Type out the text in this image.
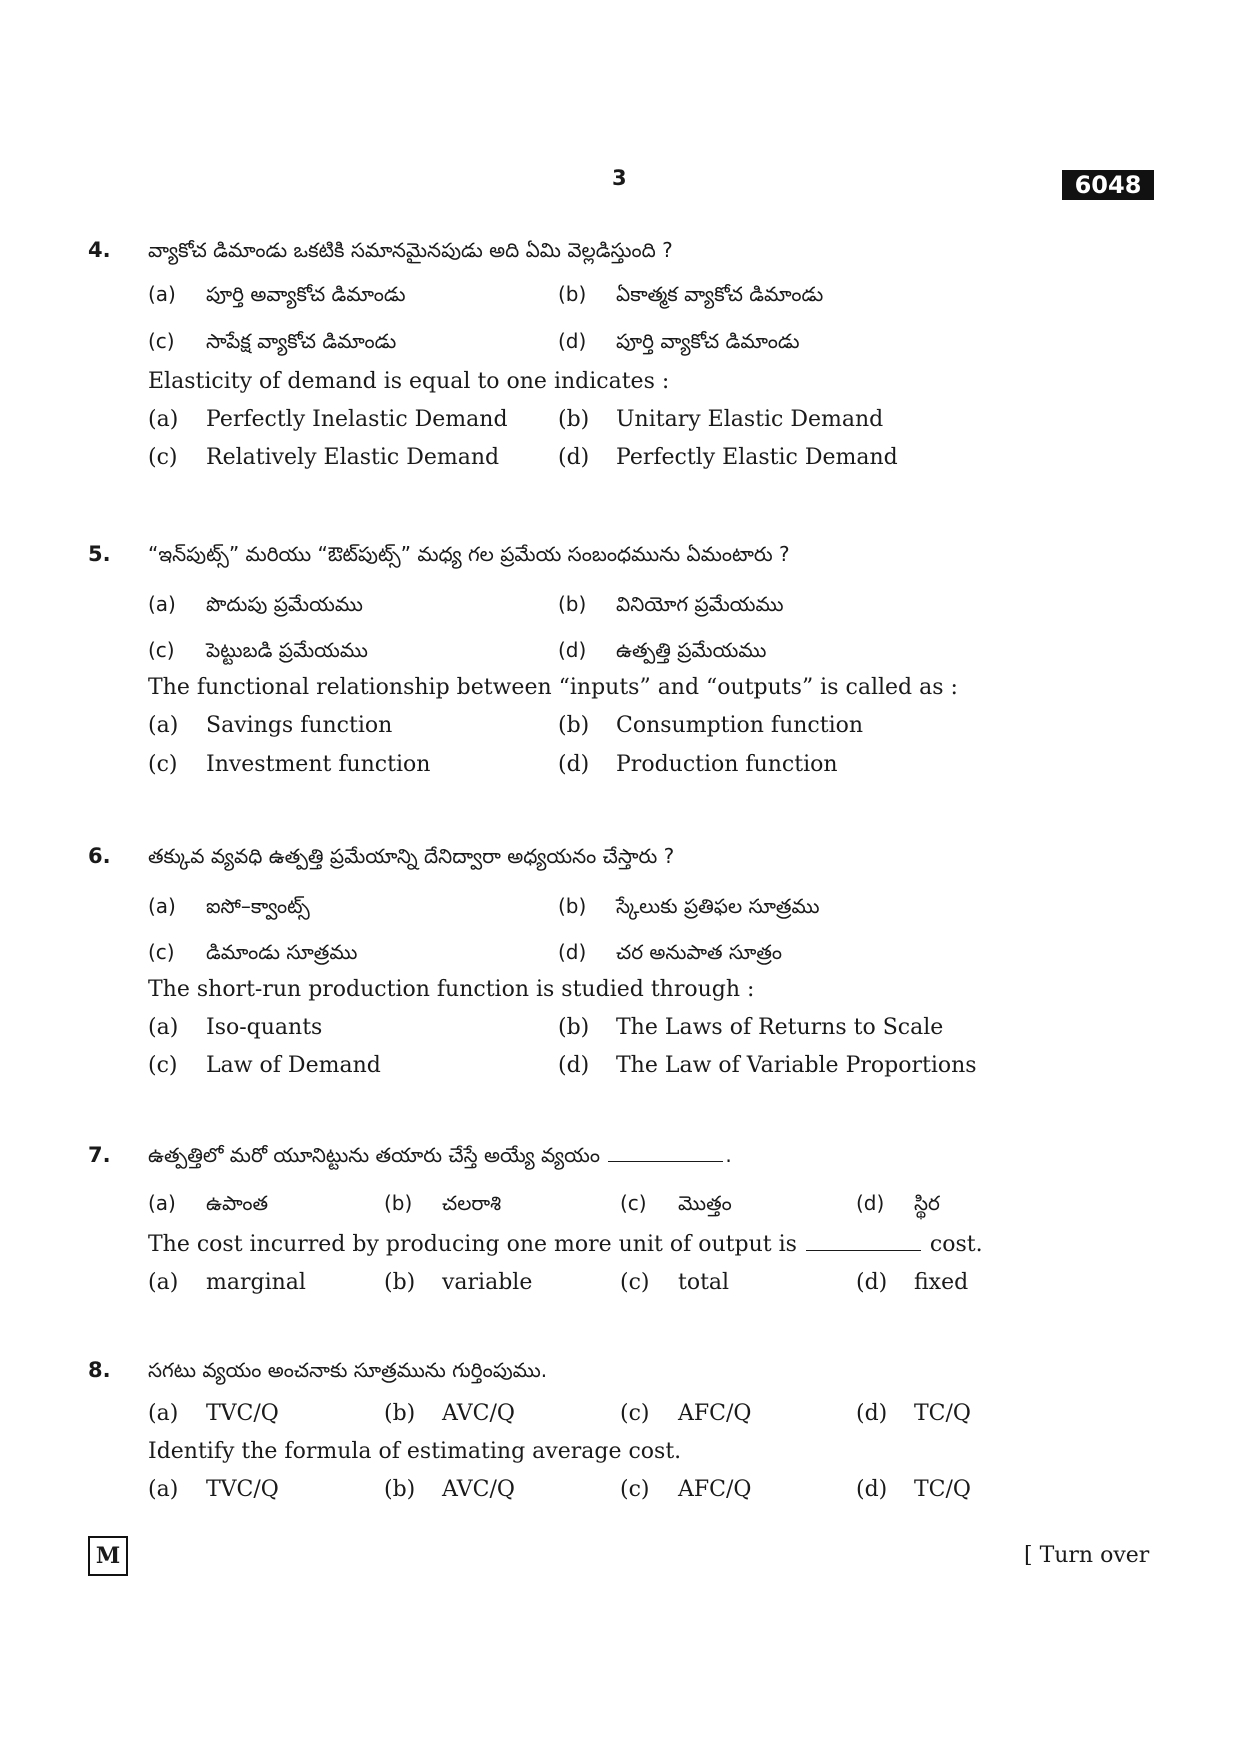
3	6048
4. వ్యాకోచ డిమాండు ఒకటికి సమానమైనపుడు అది ఏమి వెల్లడిస్తుంది ?
(a) పూర్తి అవ్యాకోచ డిమాండు	(b) ఏకాత్మక వ్యాకోచ డిమాండు
(c) సాపేక్ష వ్యాకోచ డిమాండు	(d) పూర్తి వ్యాకోచ డిమాండు
Elasticity of demand is equal to one indicates :
(a) Perfectly Inelastic Demand (b) Unitary Elastic Demand
(c) Relatively Elastic Demand	(d) Perfectly Elastic Demand
5. “ఇన్‌పుట్స్” మరియు “ఔట్‌పుట్స్” మధ్య గల ప్రమేయ సంబంధమును ఏమంటారు ?
(a) పొదుపు ప్రమేయము	(b) వినియోగ ప్రమేయము
(c) పెట్టుబడి ప్రమేయము	(d) ఉత్పత్తి ప్రమేయము
The functional relationship between “inputs” and “outputs” is called as :
(a) Savings function	(b) Consumption function
(c) Investment function	(d) Production function
6. తక్కువ వ్యవధి ఉత్పత్తి ప్రమేయాన్ని దేనిద్వారా అధ్యయనం చేస్తారు ?
(a) ఐసో–క్వాంట్స్	(b) స్కేలుకు ప్రతిఫల సూత్రము
(c) డిమాండు సూత్రము	(d) చర అనుపాత సూత్రం
The short-run production function is studied through :
(a) Iso-quants	(b) The Laws of Returns to Scale
(c) Law of Demand	(d) The Law of Variable Proportions
7. ఉత్పత్తిలో మరో యూనిట్టును తయారు చేస్తే అయ్యే వ్యయం	.
(a) ఉపాంత	(b) చలరాశి	(c) మొత్తం	(d) స్థిర
The cost incurred by producing one more unit of output is	cost.
(a) marginal	(b) variable	(c) total	(d) fixed
8. సగటు వ్యయం అంచనాకు సూత్రమును గుర్తింపుము.
(a) TVC/Q	(b) AVC/Q	(c) AFC/Q	(d) TC/Q
Identify the formula of estimating average cost.
(a) TVC/Q	(b) AVC/Q	(c) AFC/Q	(d) TC/Q
M	[ Turn over
